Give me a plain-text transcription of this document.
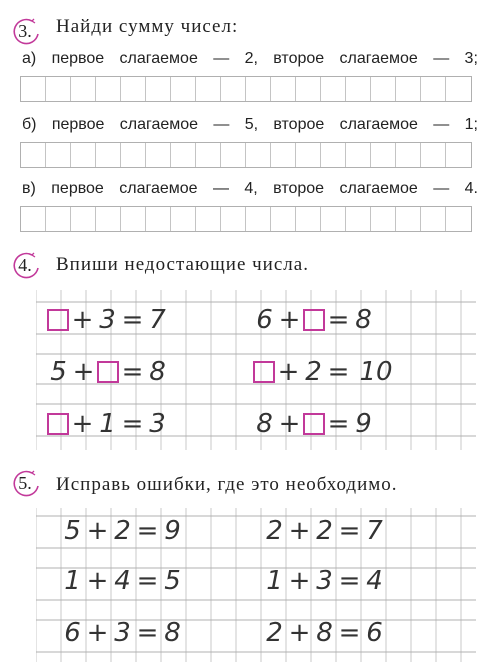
3. Найди сумму чисел:
а) первое слагаемое — 2, второе слагаемое — 3;
б) первое слагаемое — 5, второе слагаемое — 1;
в) первое слагаемое — 4, второе слагаемое — 4.
4. Впиши недостающие числа.
+ 3 = 7
5 + = 8
+ 1 = 3
6 + = 8
+ 2 = 10
8 + = 9
5. Исправь ошибки, где это необходимо.
5 + 2 = 9
1 + 4 = 5
6 + 3 = 8
2 + 2 = 7
1 + 3 = 4
2 + 8 = 6
